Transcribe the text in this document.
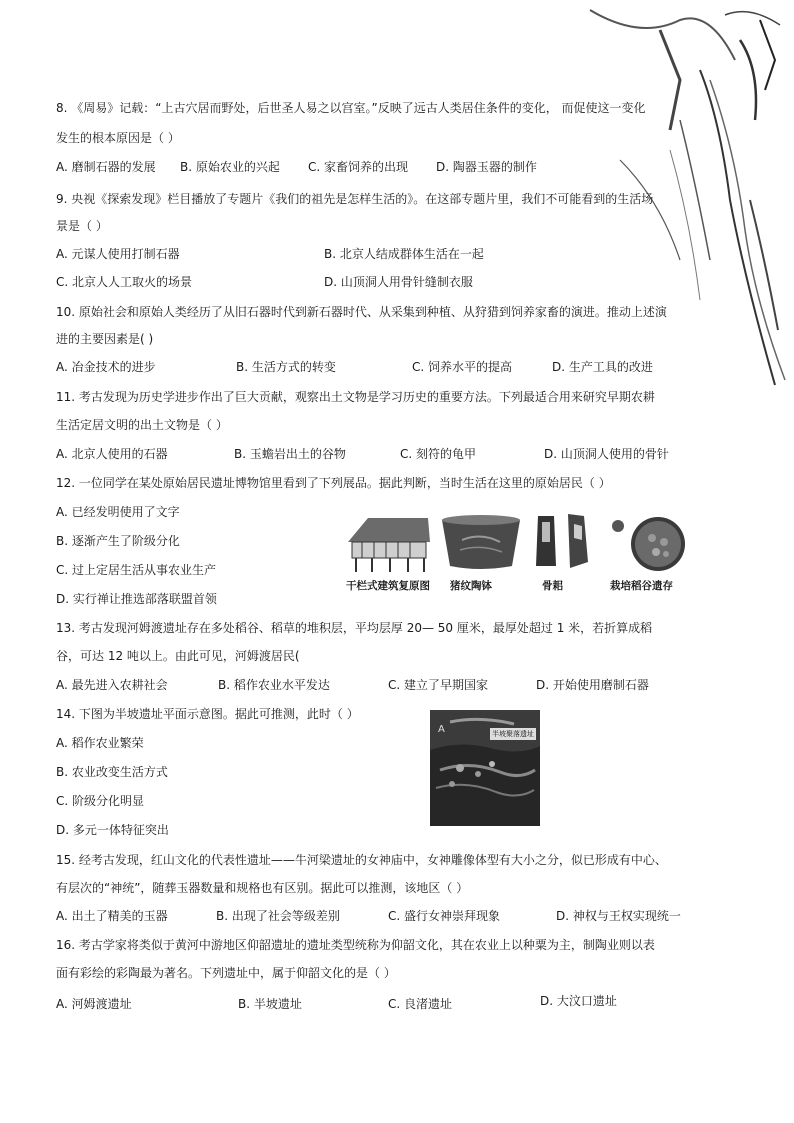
8. 《周易》记载：“上古穴居而野处，后世圣人易之以宫室。”反映了远古人类居住条件的变化， 而促使这一变化
发生的根本原因是（ ）
A. 磨制石器的发展 B. 原始农业的兴起 C. 家畜饲养的出现 D. 陶器玉器的制作
9. 央视《探索发现》栏目播放了专题片《我们的祖先是怎样生活的》。在这部专题片里，我们不可能看到的生活场
景是（ ）
A. 元谋人使用打制石器	B. 北京人结成群体生活在一起
C. 北京人人工取火的场景	D. 山顶洞人用骨针缝制衣服
10. 原始社会和原始人类经历了从旧石器时代到新石器时代、从采集到种植、从狩猎到饲养家畜的演进。推动上述演
进的主要因素是( )
A. 冶金技术的进步	B. 生活方式的转变	C. 饲养水平的提高	D. 生产工具的改进
11. 考古发现为历史学进步作出了巨大贡献，观察出土文物是学习历史的重要方法。下列最适合用来研究早期农耕
生活定居文明的出土文物是（ ）
A. 北京人使用的石器	B. 玉蟾岩出土的谷物	C. 刻符的龟甲	D. 山顶洞人使用的骨针
12. 一位同学在某处原始居民遗址博物馆里看到了下列展品。据此判断，当时生活在这里的原始居民（ ）
A. 已经发明使用了文字
B. 逐渐产生了阶级分化
C. 过上定居生活从事农业生产
D. 实行禅让推选部落联盟首领
干栏式建筑复原图 猪纹陶钵	骨耜	栽培稻谷遗存
13. 考古发现河姆渡遗址存在多处稻谷、稻草的堆积层，平均层厚 20— 50 厘米，最厚处超过 1 米，若折算成稻
谷，可达 12 吨以上。由此可见，河姆渡居民(
A. 最先进入农耕社会	B. 稻作农业水平发达	C. 建立了早期国家	D. 开始使用磨制石器
14. 下图为半坡遗址平面示意图。据此可推测，此时（ ）
A. 稻作农业繁荣
B. 农业改变生活方式
C. 阶级分化明显
D. 多元一体特征突出
A	半坡聚落遗址
15. 经考古发现，红山文化的代表性遗址——牛河梁遗址的女神庙中，女神雕像体型有大小之分，似已形成有中心、
有层次的“神统”，随葬玉器数量和规格也有区别。据此可以推测，该地区（ ）
A. 出土了精美的玉器	B. 出现了社会等级差别	C. 盛行女神崇拜现象	D. 神权与王权实现统一
16. 考古学家将类似于黄河中游地区仰韶遗址的遗址类型统称为仰韶文化，其在农业上以种粟为主，制陶业则以表
面有彩绘的彩陶最为著名。下列遗址中，属于仰韶文化的是（ ）
A. 河姆渡遗址	B. 半坡遗址	C. 良渚遗址	D. 大汶口遗址
